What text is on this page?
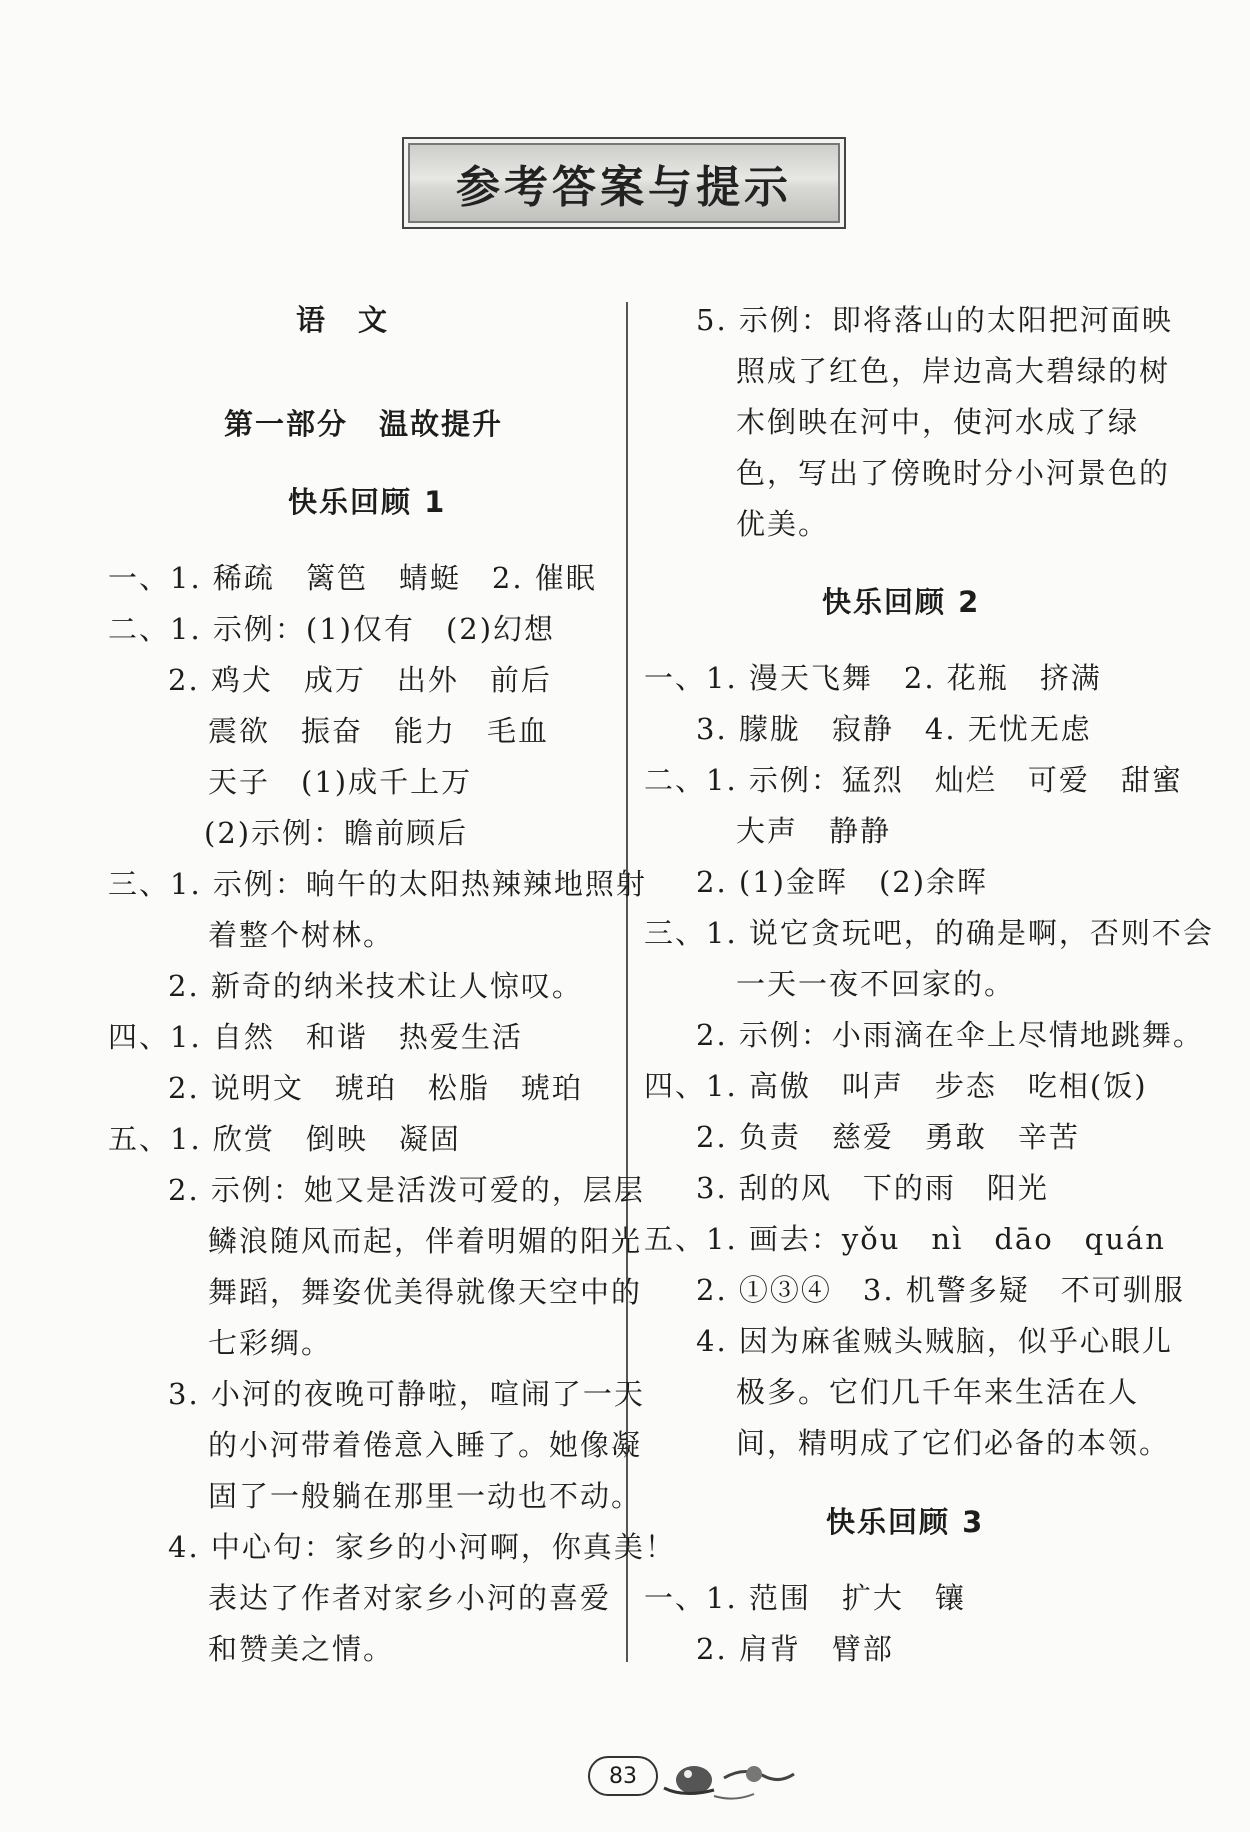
参考答案与提示
语　文
第一部分　温故提升
快乐回顾 1
一、1. 稀疏　篱笆　蜻蜓　2. 催眠
二、1. 示例：(1)仅有　(2)幻想
2. 鸡犬　成万　出外　前后
震欲　振奋　能力　毛血
天子　(1)成千上万
(2)示例：瞻前顾后
三、1. 示例：晌午的太阳热辣辣地照射
着整个树林。
2. 新奇的纳米技术让人惊叹。
四、1. 自然　和谐　热爱生活
2. 说明文　琥珀　松脂　琥珀
五、1. 欣赏　倒映　凝固
2. 示例：她又是活泼可爱的，层层
鳞浪随风而起，伴着明媚的阳光
舞蹈，舞姿优美得就像天空中的
七彩绸。
3. 小河的夜晚可静啦，喧闹了一天
的小河带着倦意入睡了。她像凝
固了一般躺在那里一动也不动。
4. 中心句：家乡的小河啊，你真美！
表达了作者对家乡小河的喜爱
和赞美之情。
5. 示例：即将落山的太阳把河面映
照成了红色，岸边高大碧绿的树
木倒映在河中，使河水成了绿
色，写出了傍晚时分小河景色的
优美。
快乐回顾 2
一、1. 漫天飞舞　2. 花瓶　挤满
3. 朦胧　寂静　4. 无忧无虑
二、1. 示例：猛烈　灿烂　可爱　甜蜜
大声　静静
2. (1)金晖　(2)余晖
三、1. 说它贪玩吧，的确是啊，否则不会
一天一夜不回家的。
2. 示例：小雨滴在伞上尽情地跳舞。
四、1. 高傲　叫声　步态　吃相(饭)
2. 负责　慈爱　勇敢　辛苦
3. 刮的风　下的雨　阳光
五、1. 画去：yǒu　nì　dāo　quán
2. ①③④　3. 机警多疑　不可驯服
4. 因为麻雀贼头贼脑，似乎心眼儿
极多。它们几千年来生活在人
间，精明成了它们必备的本领。
快乐回顾 3
一、1. 范围　扩大　镶
2. 肩背　臂部
83
